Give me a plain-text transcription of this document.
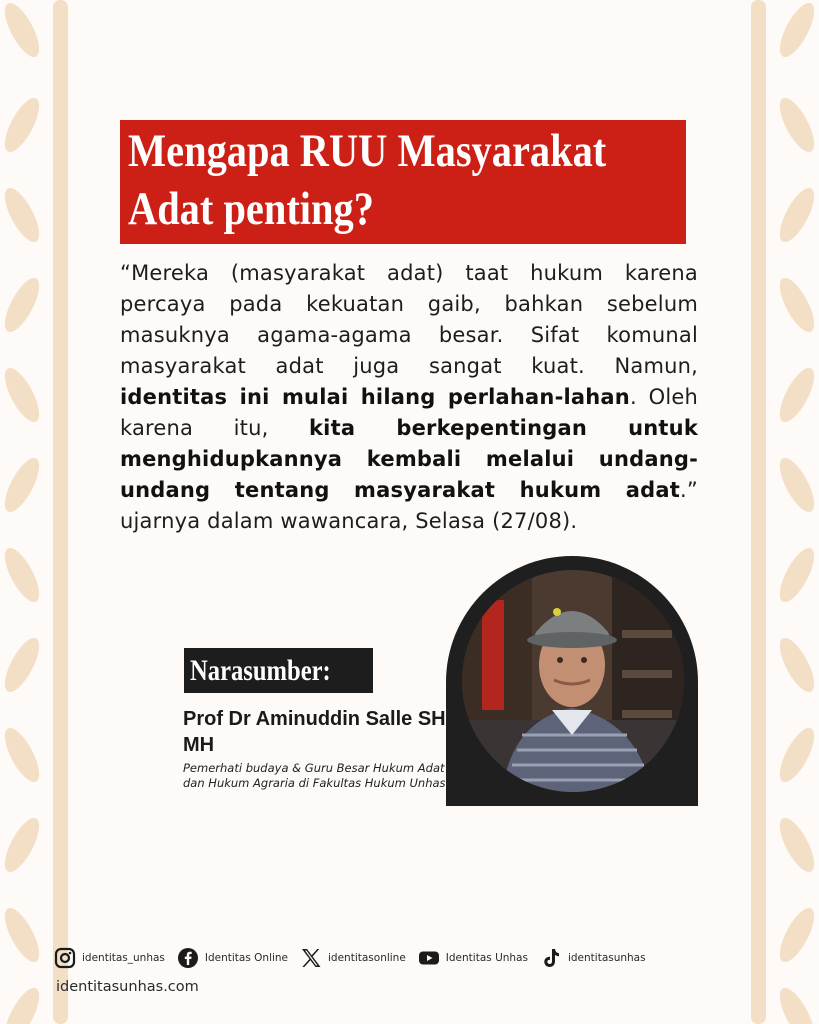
Mengapa RUU Masyarakat
Adat penting?
“Mereka (masyarakat adat) taat hukum karena percaya pada kekuatan gaib, bahkan sebelum masuknya agama-agama besar. Sifat komunal masyarakat adat juga sangat kuat. Namun, identitas ini mulai hilang perlahan-lahan. Oleh karena itu, kita berkepentingan untuk menghidupkannya kembali melalui undang-undang tentang masyarakat hukum adat.” ujarnya dalam wawancara, Selasa (27/08).
Narasumber:
Prof Dr Aminuddin Salle SH MH
Pemerhati budaya & Guru Besar Hukum Adat dan Hukum Agraria di Fakultas Hukum Unhas
identitas_unhas	Identitas Online	identitasonline	Identitas Unhas	identitasunhas
identitasunhas.com
